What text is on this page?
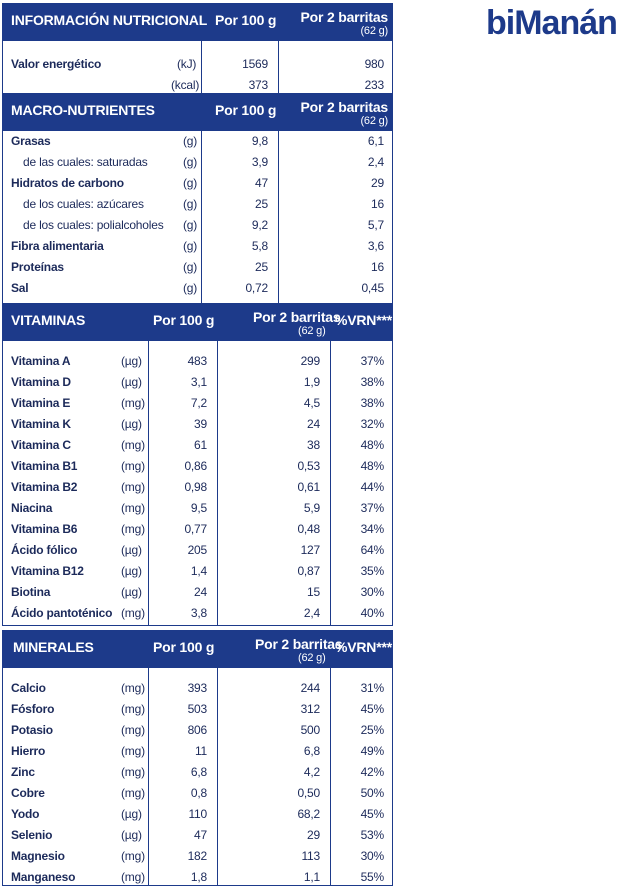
biManán
INFORMACIÓN NUTRICIONAL Por 100 g Por 2 barritas
(62 g)
Valor energético	(kJ)	1569	980
(kcal)	373	233
MACRO-NUTRIENTES	Por 100 g Por 2 barritas
(62 g)
Grasas	(g)	9,8	6,1
de las cuales: saturadas	(g)	3,9	2,4
Hidratos de carbono	(g)	47	29
de los cuales: azúcares	(g)	25	16
de los cuales: polialcoholes (g)	9,2	5,7
Fibra alimentaria	(g)	5,8	3,6
Proteínas	(g)	25	16
Sal	(g)	0,72	0,45
VITAMINAS	Por 100 g	Por 2 barritas
(62 g)
%VRN***
Vitamina A	(µg)	483	299	37%
Vitamina D	(µg)	3,1	1,9	38%
Vitamina E	(mg)	7,2	4,5	38%
Vitamina K	(µg)	39	24	32%
Vitamina C	(mg)	61	38	48%
Vitamina B1	(mg)	0,86	0,53	48%
Vitamina B2	(mg)	0,98	0,61	44%
Niacina	(mg)	9,5	5,9	37%
Vitamina B6	(mg)	0,77	0,48	34%
Ácido fólico	(µg)	205	127	64%
Vitamina B12	(µg)	1,4	0,87	35%
Biotina	(µg)	24	15	30%
Ácido pantoténico (mg)	3,8	2,4	40%
MINERALES	Por 100 g	Por 2 barritas
(62 g)
%VRN***
Calcio	(mg)	393	244	31%
Fósforo	(mg)	503	312	45%
Potasio	(mg)	806	500	25%
Hierro	(mg)	11	6,8	49%
Zinc	(mg)	6,8	4,2	42%
Cobre	(mg)	0,8	0,50	50%
Yodo	(µg)	110	68,2	45%
Selenio	(µg)	47	29	53%
Magnesio	(mg)	182	113	30%
Manganeso	(mg)	1,8	1,1	55%
